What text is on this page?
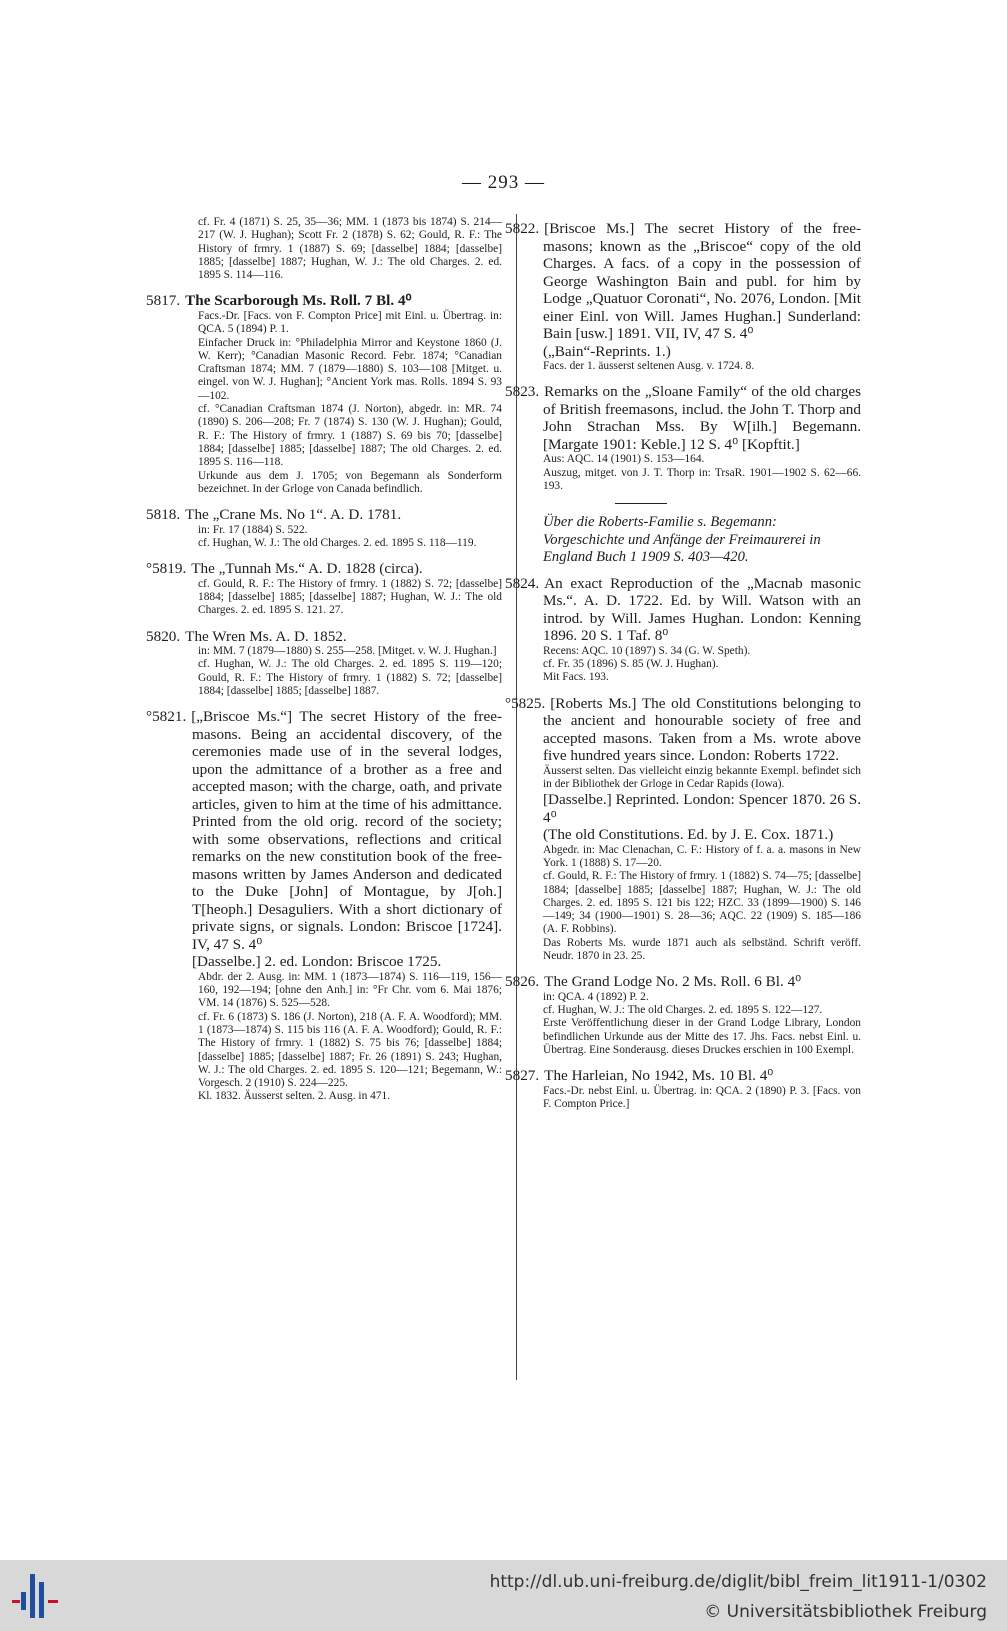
— 293 —

cf. Fr. 4 (1871) S. 25, 35—36; MM. 1 (1873 bis 1874) S. 214—217 (W. J. Hughan); Scott Fr. 2 (1878) S. 62; Gould, R. F.: The History of frmry. 1 (1887) S. 69; [dasselbe] 1884; [dasselbe] 1885; [dasselbe] 1887; Hughan, W. J.: The old Charges. 2. ed. 1895 S. 114—116.

5817. The Scarborough Ms. Roll. 7 Bl. 4⁰

Facs.-Dr. [Facs. von F. Compton Price] mit Einl. u. Übertrag. in: QCA. 5 (1894) P. 1.

Einfacher Druck in: °Philadelphia Mirror and Keystone 1860 (J. W. Kerr); °Canadian Masonic Record. Febr. 1874; °Canadian Craftsman 1874; MM. 7 (1879—1880) S. 103—108 [Mitget. u. eingel. von W. J. Hughan]; °Ancient York mas. Rolls. 1894 S. 93—102.

cf. °Canadian Craftsman 1874 (J. Norton), abgedr. in: MR. 74 (1890) S. 206—208; Fr. 7 (1874) S. 130 (W. J. Hughan); Gould, R. F.: The History of frmry. 1 (1887) S. 69 bis 70; [dasselbe] 1884; [dasselbe] 1885; [dasselbe] 1887; The old Charges. 2. ed. 1895 S. 116—118.

Urkunde aus dem J. 1705; von Begemann als Sonderform bezeichnet. In der Grloge von Canada befindlich.

5818. The „Crane Ms. No 1“. A. D. 1781.

in: Fr. 17 (1884) S. 522.

cf. Hughan, W. J.: The old Charges. 2. ed. 1895 S. 118—119.

°5819. The „Tunnah Ms.“ A. D. 1828 (circa).

cf. Gould, R. F.: The History of frmry. 1 (1882) S. 72; [dasselbe] 1884; [dasselbe] 1885; [dasselbe] 1887; Hughan, W. J.: The old Charges. 2. ed. 1895 S. 121. 27.

5820. The Wren Ms. A. D. 1852.

in: MM. 7 (1879—1880) S. 255—258. [Mitget. v. W. J. Hughan.]

cf. Hughan, W. J.: The old Charges. 2. ed. 1895 S. 119—120; Gould, R. F.: The History of frmry. 1 (1882) S. 72; [dasselbe] 1884; [dasselbe] 1885; [dasselbe] 1887.

°5821. [„Briscoe Ms.“] The secret History of the free-masons. Being an accidental discovery, of the ceremonies made use of in the several lodges, upon the admittance of a brother as a free and accepted mason; with the charge, oath, and private articles, given to him at the time of his admittance. Printed from the old orig. record of the society; with some observations, reflections and critical remarks on the new constitution book of the free-masons written by James Anderson and dedicated to the Duke [John] of Montague, by J[oh.] T[heoph.] Desaguliers. With a short dictionary of private signs, or signals. London: Briscoe [1724]. IV, 47 S. 4⁰
[Dasselbe.] 2. ed. London: Briscoe 1725.

Abdr. der 2. Ausg. in: MM. 1 (1873—1874) S. 116—119, 156—160, 192—194; [ohne den Anh.] in: °Fr Chr. vom 6. Mai 1876; VM. 14 (1876) S. 525—528.

cf. Fr. 6 (1873) S. 186 (J. Norton), 218 (A. F. A. Woodford); MM. 1 (1873—1874) S. 115 bis 116 (A. F. A. Woodford); Gould, R. F.: The History of frmry. 1 (1882) S. 75 bis 76; [dasselbe] 1884; [dasselbe] 1885; [dasselbe] 1887; Fr. 26 (1891) S. 243; Hughan, W. J.: The old Charges. 2. ed. 1895 S. 120—121; Begemann, W.: Vorgesch. 2 (1910) S. 224—225.

Kl. 1832. Äusserst selten. 2. Ausg. in 471.

5822. [Briscoe Ms.] The secret History of the free-masons; known as the „Briscoe“ copy of the old Charges. A facs. of a copy in the possession of George Washington Bain and publ. for him by Lodge „Quatuor Coronati“, No. 2076, London. [Mit einer Einl. von Will. James Hughan.] Sunderland: Bain [usw.] 1891. VII, IV, 47 S. 4⁰
(„Bain“-Reprints. 1.)

Facs. der 1. äusserst seltenen Ausg. v. 1724. 8.

5823. Remarks on the „Sloane Family“ of the old charges of British freemasons, includ. the John T. Thorp and John Strachan Mss. By W[ilh.] Begemann. [Margate 1901: Keble.] 12 S. 4⁰ [Kopftit.]

Aus: AQC. 14 (1901) S. 153—164.

Auszug, mitget. von J. T. Thorp in: TrsaR. 1901—1902 S. 62—66. 193.

Über die Roberts-Familie s. Begemann: Vorgeschichte und Anfänge der Freimaurerei in England Buch 1 1909 S. 403—420.
5824. An exact Reproduction of the „Macnab masonic Ms.“. A. D. 1722. Ed. by Will. Watson with an introd. by Will. James Hughan. London: Kenning 1896. 20 S. 1 Taf. 8⁰

Recens: AQC. 10 (1897) S. 34 (G. W. Speth).

cf. Fr. 35 (1896) S. 85 (W. J. Hughan).

Mit Facs. 193.

°5825. [Roberts Ms.] The old Constitutions belonging to the ancient and honourable society of free and accepted masons. Taken from a Ms. wrote above five hundred years since. London: Roberts 1722.

Äusserst selten. Das vielleicht einzig bekannte Exempl. befindet sich in der Bibliothek der Grloge in Cedar Rapids (Iowa).

[Dasselbe.] Reprinted. London: Spencer 1870. 26 S. 4⁰
(The old Constitutions. Ed. by J. E. Cox. 1871.)

Abgedr. in: Mac Clenachan, C. F.: History of f. a. a. masons in New York. 1 (1888) S. 17—20.

cf. Gould, R. F.: The History of frmry. 1 (1882) S. 74—75; [dasselbe] 1884; [dasselbe] 1885; [dasselbe] 1887; Hughan, W. J.: The old Charges. 2. ed. 1895 S. 121 bis 122; HZC. 33 (1899—1900) S. 146—149; 34 (1900—1901) S. 28—36; AQC. 22 (1909) S. 185—186 (A. F. Robbins).

Das Roberts Ms. wurde 1871 auch als selbständ. Schrift veröff. Neudr. 1870 in 23. 25.

5826. The Grand Lodge No. 2 Ms. Roll. 6 Bl. 4⁰

in: QCA. 4 (1892) P. 2.

cf. Hughan, W. J.: The old Charges. 2. ed. 1895 S. 122—127.

Erste Veröffentlichung dieser in der Grand Lodge Library, London befindlichen Urkunde aus der Mitte des 17. Jhs. Facs. nebst Einl. u. Übertrag. Eine Sonderausg. dieses Druckes erschien in 100 Exempl.

5827. The Harleian, No 1942, Ms. 10 Bl. 4⁰

Facs.-Dr. nebst Einl. u. Übertrag. in: QCA. 2 (1890) P. 3. [Facs. von F. Compton Price.]

http://dl.ub.uni-freiburg.de/diglit/bibl_freim_lit1911-1/0302
© Universitätsbibliothek Freiburg
